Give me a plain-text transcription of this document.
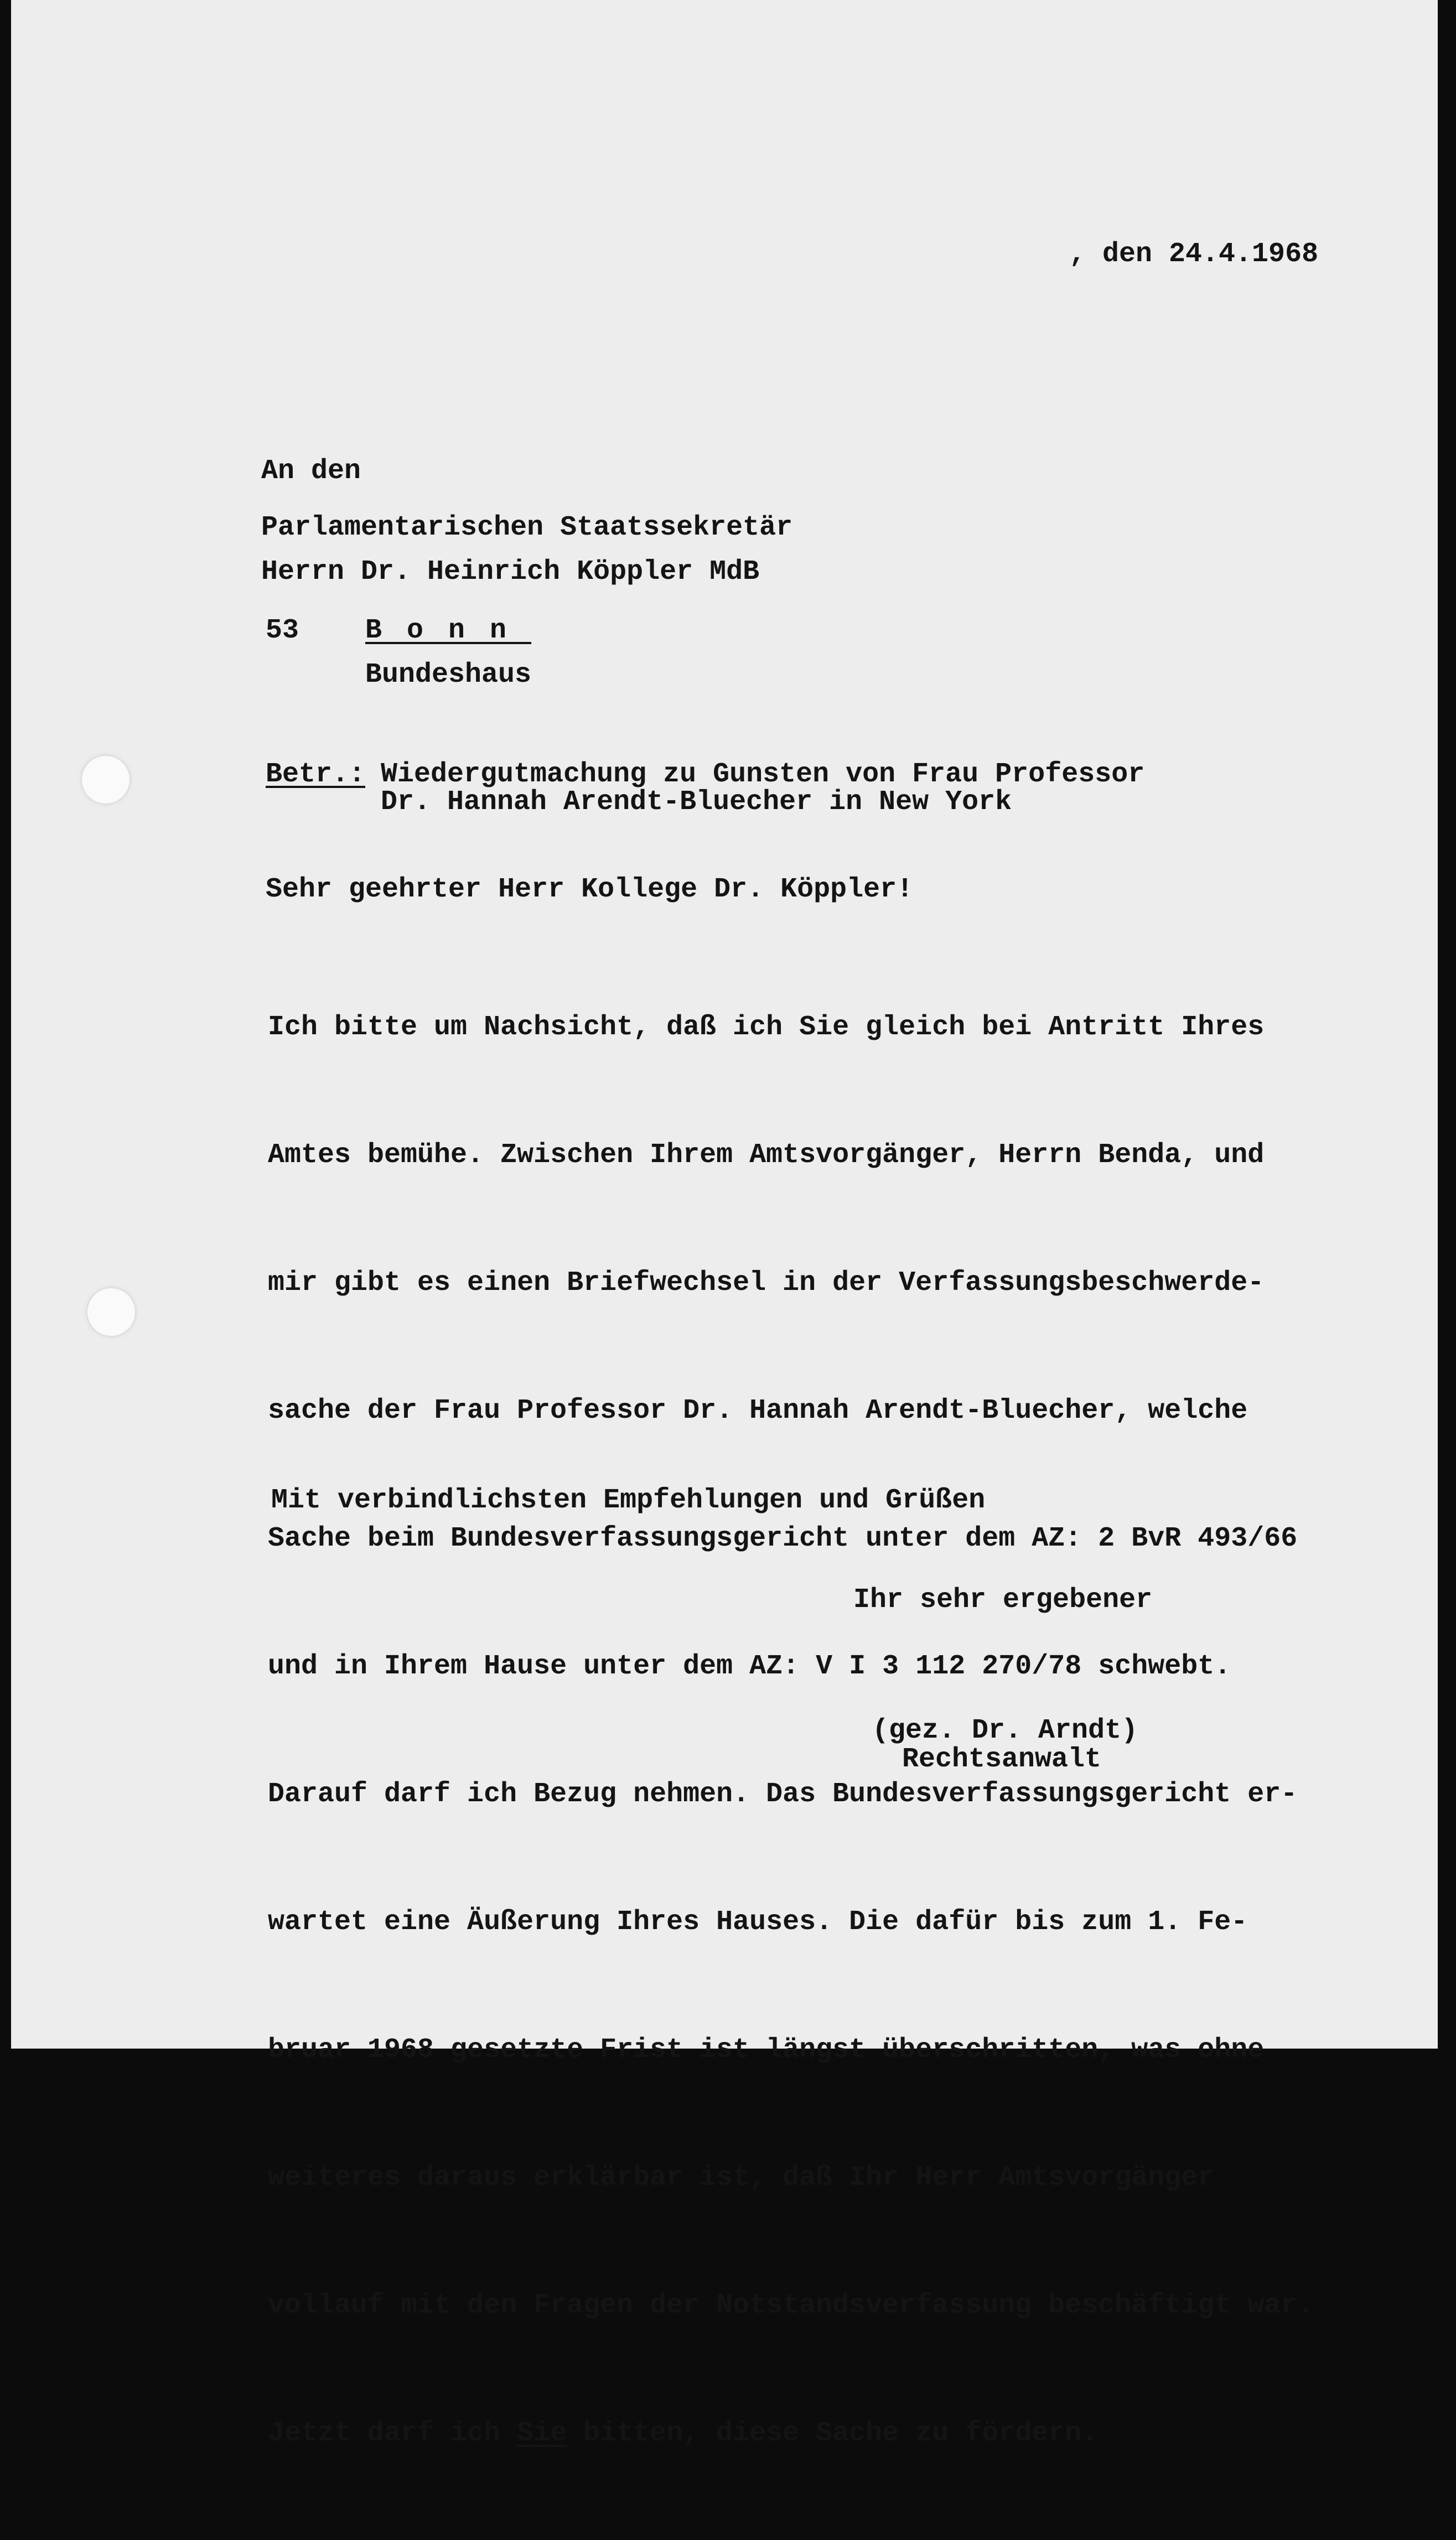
, den 24.4.1968

An den

Parlamentarischen Staatssekretär

Herrn Dr. Heinrich Köppler MdB

53 Bonn

Bundeshaus

Betr.: Wiedergutmachung zu Gunsten von Frau Professor

Dr. Hannah Arendt-Bluecher in New York

Sehr geehrter Herr Kollege Dr. Köppler!

Ich bitte um Nachsicht, daß ich Sie gleich bei Antritt Ihres

Amtes bemühe. Zwischen Ihrem Amtsvorgänger, Herrn Benda, und

mir gibt es einen Briefwechsel in der Verfassungsbeschwerde-

sache der Frau Professor Dr. Hannah Arendt-Bluecher, welche

Sache beim Bundesverfassungsgericht unter dem AZ: 2 BvR 493/66

und in Ihrem Hause unter dem AZ: V I 3 112 270/78 schwebt.

Darauf darf ich Bezug nehmen. Das Bundesverfassungsgericht er-

wartet eine Äußerung Ihres Hauses. Die dafür bis zum 1. Fe-

bruar 1968 gesetzte Frist ist längst überschritten, was ohne

weiteres daraus erklärbar ist, daß Ihr Herr Amtsvorgänger

vollauf mit den Fragen der Notstandsverfassung beschäftigt war.

Jetzt darf ich Sie bitten, diese Sache zu fördern.

Mit verbindlichsten Empfehlungen und Grüßen

Ihr sehr ergebener

(gez. Dr. Arndt)

Rechtsanwalt
